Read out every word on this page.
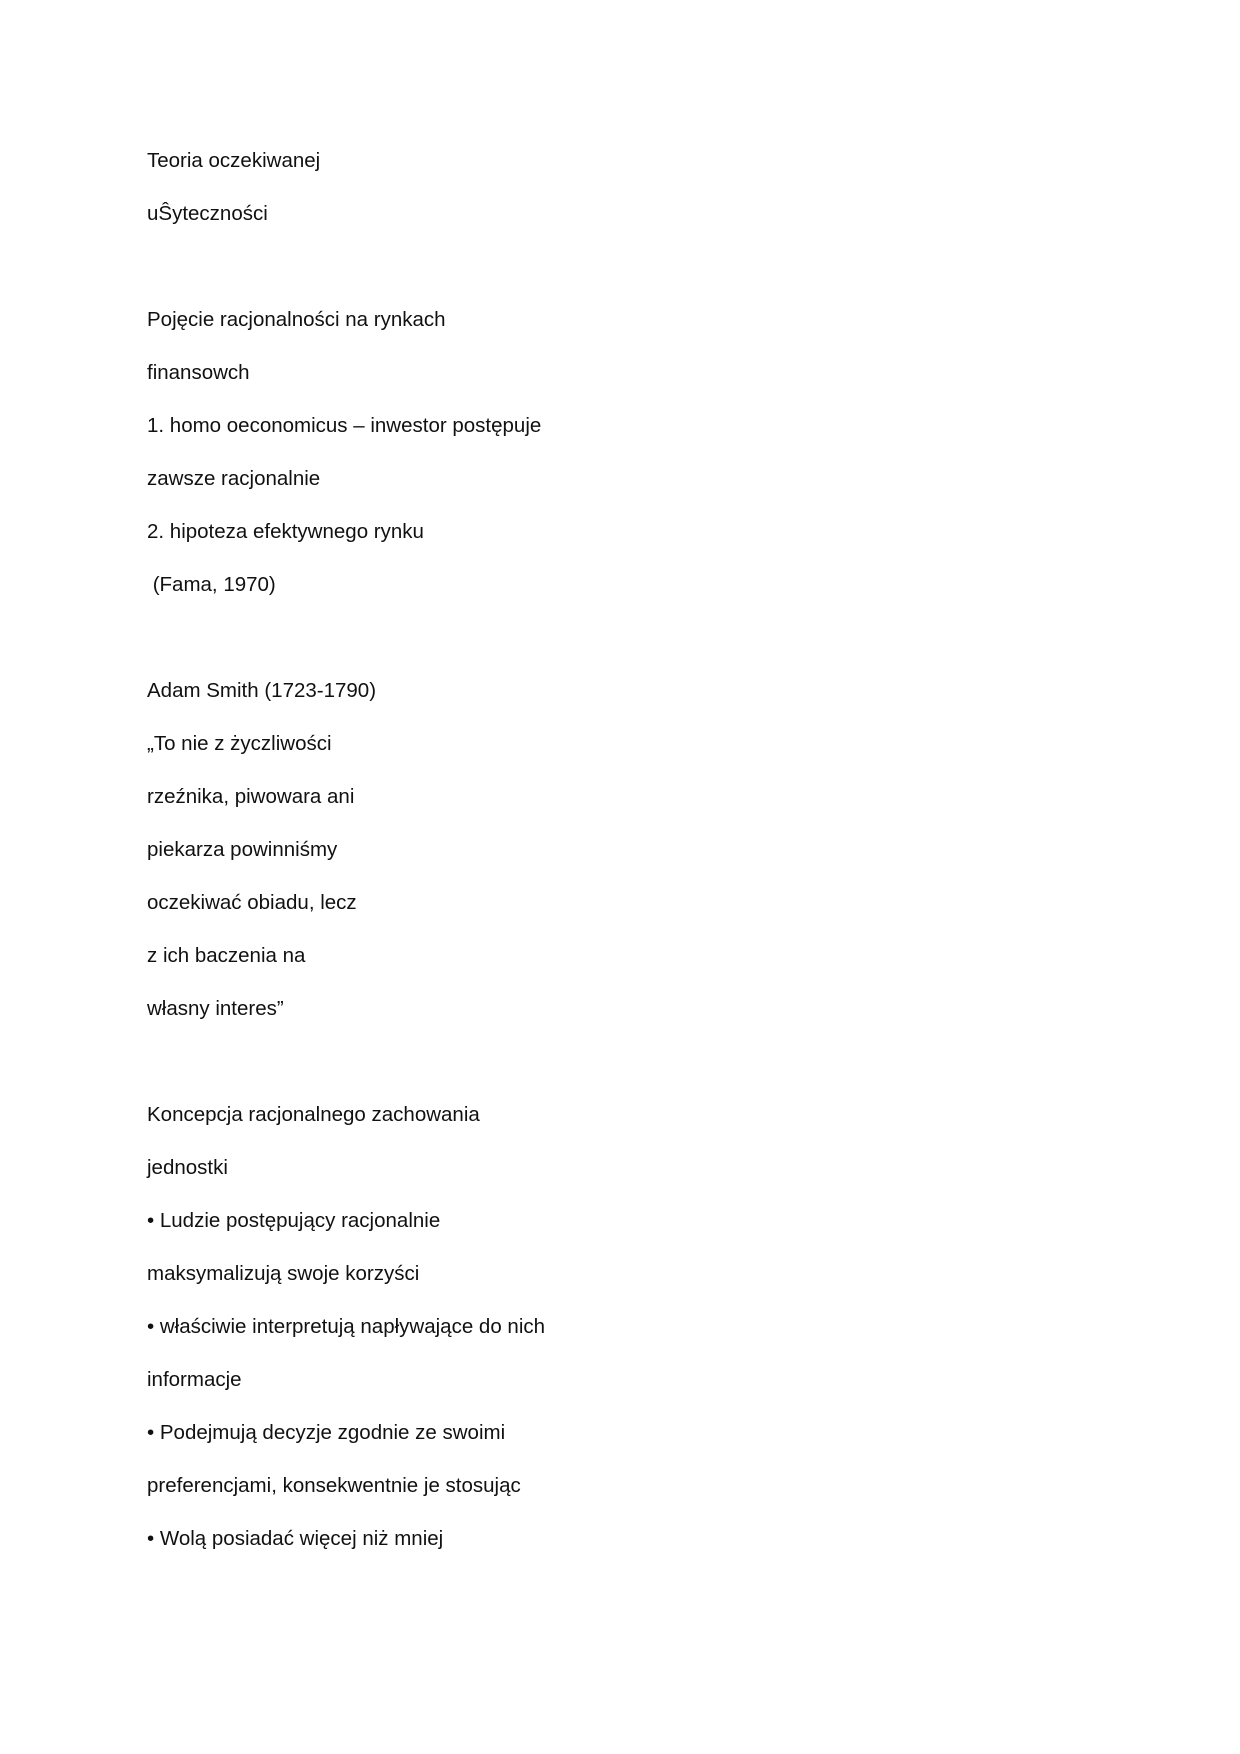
Teoria oczekiwanej
uŜyteczności
Pojęcie racjonalności na rynkach
finansowch
1. homo oeconomicus – inwestor postępuje
zawsze racjonalnie
2. hipoteza efektywnego rynku
(Fama, 1970)
Adam Smith (1723-1790)
„To nie z życzliwości
rzeźnika, piwowara ani
piekarza powinniśmy
oczekiwać obiadu, lecz
z ich baczenia na
własny interes”
Koncepcja racjonalnego zachowania
jednostki
• Ludzie postępujący racjonalnie
maksymalizują swoje korzyści
• właściwie interpretują napływające do nich
informacje
• Podejmują decyzje zgodnie ze swoimi
preferencjami, konsekwentnie je stosując
• Wolą posiadać więcej niż mniej
